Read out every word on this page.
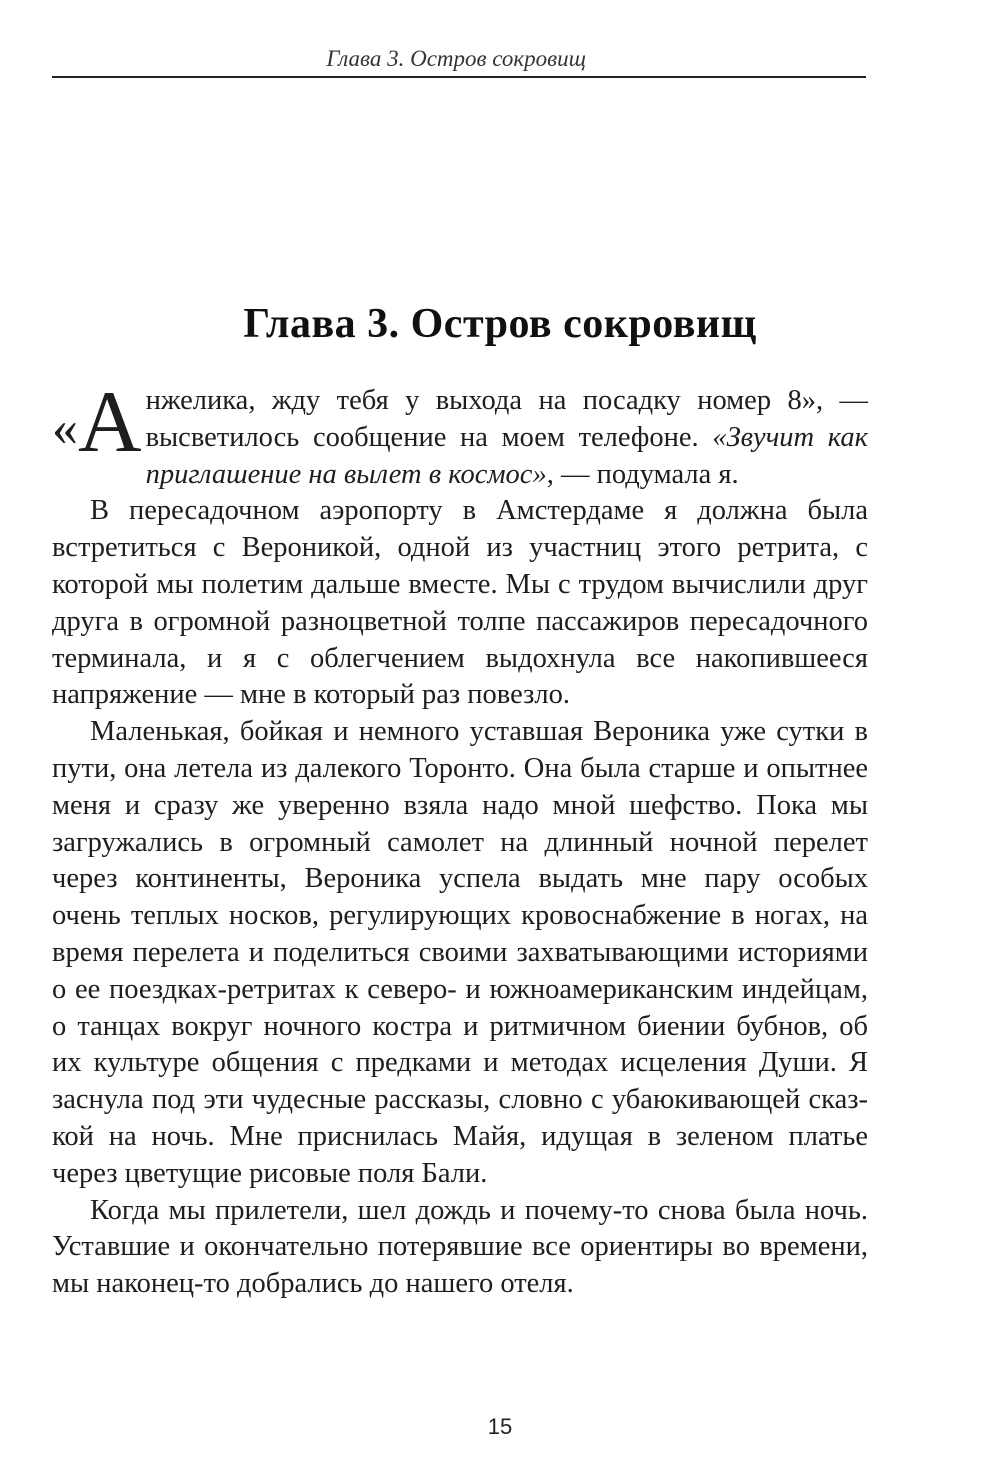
Глава 3. Остров сокровищ
Глава 3. Остров сокровищ

« А нжелика, жду тебя у выхода на посадку номер 8», — высветилось сообщение на моем телефоне. «Звучит как приглашение на вылет в космос», — подумала я.

В пересадочном аэропорту в Амстердаме я должна была встретиться с Вероникой, одной из участниц этого ретрита, с которой мы полетим дальше вместе. Мы с трудом вычислили друг друга в огромной разноцветной толпе пассажиров пересадочного терминала, и я с облегчением выдохнула все накопившееся напряжение — мне в который раз повезло.

Маленькая, бойкая и немного уставшая Вероника уже сутки в пути, она летела из далекого Торонто. Она была старше и опытнее меня и сразу же уверенно взяла надо мной шефство. Пока мы загружались в огромный самолет на длинный ночной перелет через континенты, Вероника успела выдать мне пару особых очень теплых носков, регулирующих кровоснабжение в ногах, на время перелета и поделиться своими захватывающими историями о ее поездках-ретритах к северо- и южноамериканским индейцам, о танцах вокруг ночного костра и ритмичном биении бубнов, об их культуре общения с предками и методах исцеления Души. Я заснула под эти чудесные рассказы, словно с убаюкивающей сказкой на ночь. Мне приснилась Майя, идущая в зеленом платье через цветущие рисовые поля Бали.

Когда мы прилетели, шел дождь и почему-то снова была ночь. Уставшие и окончательно потерявшие все ориентиры во времени, мы наконец-то добрались до нашего отеля.

15
